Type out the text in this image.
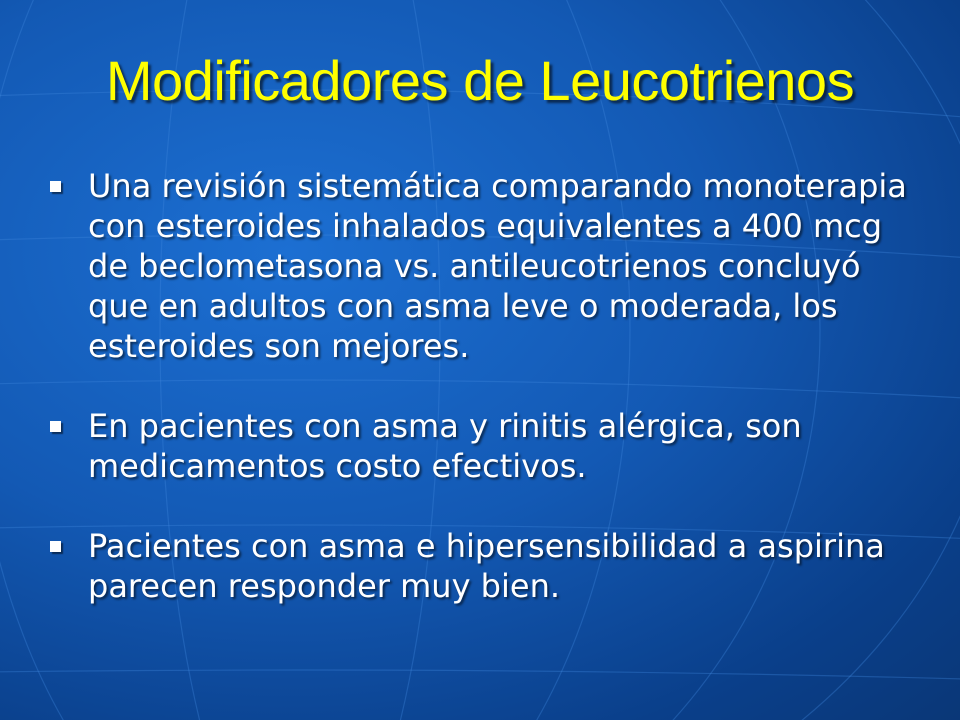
Modificadores de Leucotrienos
Una revisión sistemática comparando monoterapia con esteroides inhalados equivalentes a 400 mcg de beclometasona vs. antileucotrienos concluyó que en adultos con asma leve o moderada, los esteroides son mejores.
En pacientes con asma y rinitis alérgica, son medicamentos costo efectivos.
Pacientes con asma e hipersensibilidad a aspirina parecen responder muy bien.
